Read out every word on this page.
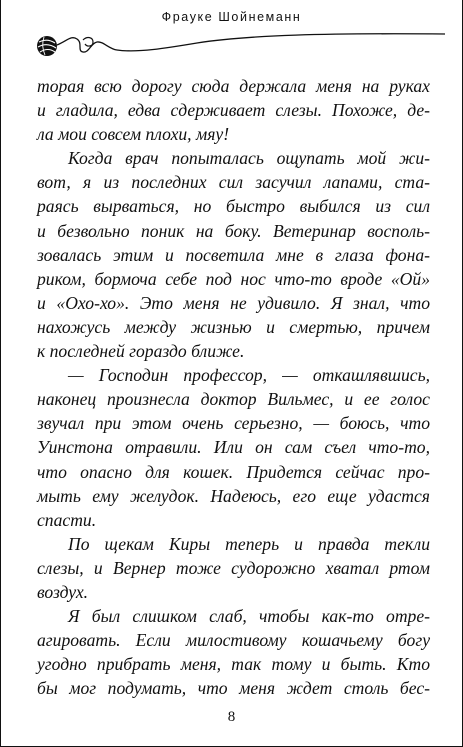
Фрауке Шойнеманн
торая всю дорогу сюда держала меня на руках
и гладила, едва сдерживает слезы. Похоже, де-
ла мои совсем плохи, мяу!
Когда врач попыталась ощупать мой жи-
вот, я из последних сил засучил лапами, ста-
раясь вырваться, но быстро выбился из сил
и безвольно поник на боку. Ветеринар восполь-
зовалась этим и посветила мне в глаза фона-
риком, бормоча себе под нос что-то вроде «Ой»
и «Охо-хо». Это меня не удивило. Я знал, что
нахожусь между жизнью и смертью, причем
к последней гораздо ближе.
— Господин профессор, — откашлявшись,
наконец произнесла доктор Вильмес, и ее голос
звучал при этом очень серьезно, — боюсь, что
Уинстона отравили. Или он сам съел что-то,
что опасно для кошек. Придется сейчас про-
мыть ему желудок. Надеюсь, его еще удастся
спасти.
По щекам Киры теперь и правда текли
слезы, и Вернер тоже судорожно хватал ртом
воздух.
Я был слишком слаб, чтобы как-то отре-
агировать. Если милостивому кошачьему богу
угодно прибрать меня, так тому и быть. Кто
бы мог подумать, что меня ждет столь бес-
8
